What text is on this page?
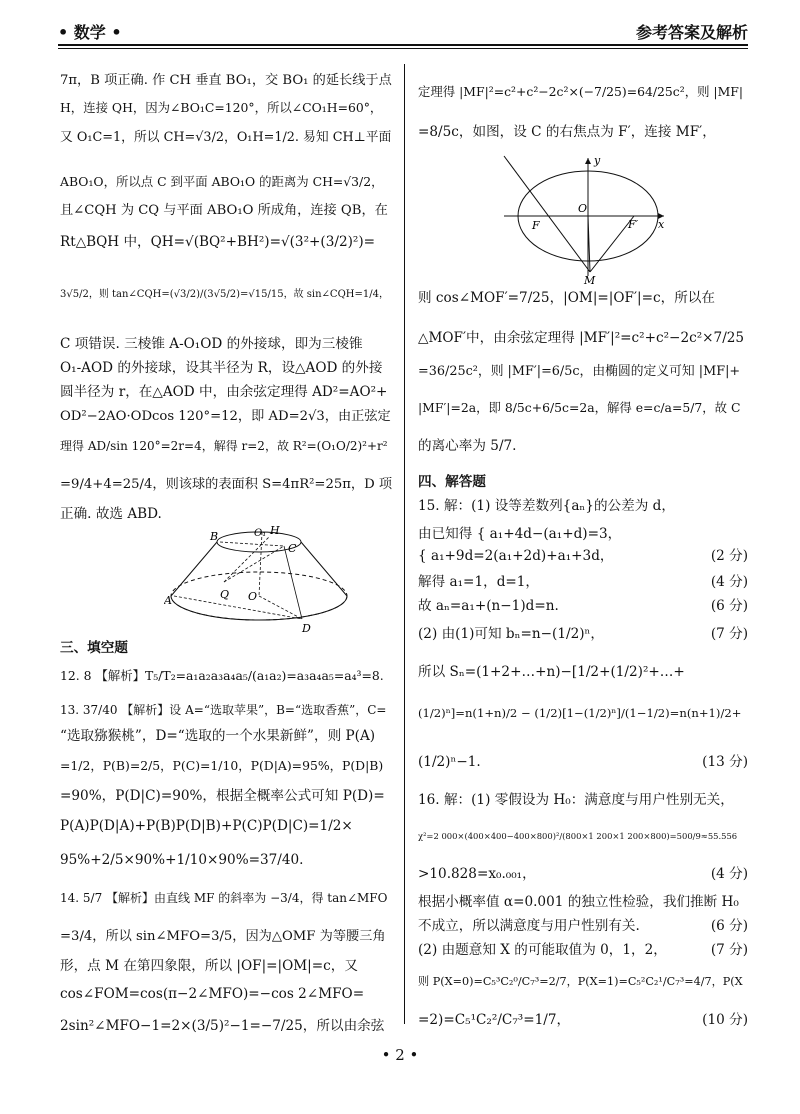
• 数学 •	参考答案及解析
7π，B 项正确. 作 CH 垂直 BO₁，交 BO₁ 的延长线于点
H，连接 QH，因为∠BO₁C=120°，所以∠CO₁H=60°，
又 O₁C=1，所以 CH=√3/2，O₁H=1/2. 易知 CH⊥平面
ABO₁O，所以点 C 到平面 ABO₁O 的距离为 CH=√3/2，
且∠CQH 为 CQ 与平面 ABO₁O 所成角，连接 QB，在
Rt△BQH 中，QH=√(BQ²+BH²)=√(3²+(3/2)²)=
3√5/2，则 tan∠CQH=(√3/2)/(3√5/2)=√15/15，故 sin∠CQH=1/4，
C 项错误. 三棱锥 A-O₁OD 的外接球，即为三棱锥
O₁-AOD 的外接球，设其半径为 R，设△AOD 的外接
圆半径为 r，在△AOD 中，由余弦定理得 AD²=AO²+
OD²−2AO·ODcos 120°=12，即 AD=2√3，由正弦定
理得 AD/sin 120°=2r=4，解得 r=2，故 R²=(O₁O/2)²+r²
=9/4+4=25/4，则该球的表面积 S=4πR²=25π，D 项
正确. 故选 ABD.
B	O₁ H
C
Q O
A
D
三、填空题
12. 8 【解析】T₅/T₂=a₁a₂a₃a₄a₅/(a₁a₂)=a₃a₄a₅=a₄³=8.
13. 37/40 【解析】设 A=“选取苹果”，B=“选取香蕉”，C=
“选取猕猴桃”，D=“选取的一个水果新鲜”，则 P(A)
=1/2，P(B)=2/5，P(C)=1/10，P(D|A)=95%，P(D|B)
=90%，P(D|C)=90%，根据全概率公式可知 P(D)=
P(A)P(D|A)+P(B)P(D|B)+P(C)P(D|C)=1/2×
95%+2/5×90%+1/10×90%=37/40.
14. 5/7 【解析】由直线 MF 的斜率为 −3/4，得 tan∠MFO
=3/4，所以 sin∠MFO=3/5，因为△OMF 为等腰三角
形，点 M 在第四象限，所以 |OF|=|OM|=c，又
cos∠FOM=cos(π−2∠MFO)=−cos 2∠MFO=
2sin²∠MFO−1=2×(3/5)²−1=−7/25，所以由余弦
定理得 |MF|²=c²+c²−2c²×(−7/25)=64/25c²，则 |MF|
=8/5c，如图，设 C 的右焦点为 F′，连接 MF′，
y
F
O
F′ x
M
则 cos∠MOF′=7/25，|OM|=|OF′|=c，所以在
△MOF′中，由余弦定理得 |MF′|²=c²+c²−2c²×7/25
=36/25c²，则 |MF′|=6/5c，由椭圆的定义可知 |MF|+
|MF′|=2a，即 8/5c+6/5c=2a，解得 e=c/a=5/7，故 C
的离心率为 5/7.
四、解答题
15. 解：(1) 设等差数列{aₙ}的公差为 d，
由已知得 { a₁+4d−(a₁+d)=3，
{ a₁+9d=2(a₁+2d)+a₁+3d，	(2 分)
解得 a₁=1，d=1，	(4 分)
故 aₙ=a₁+(n−1)d=n.	(6 分)
(2) 由(1)可知 bₙ=n−(1/2)ⁿ，	(7 分)
所以 Sₙ=(1+2+…+n)−[1/2+(1/2)²+…+
(1/2)ⁿ]=n(1+n)/2 − (1/2)[1−(1/2)ⁿ]/(1−1/2)=n(n+1)/2+
(1/2)ⁿ−1.	(13 分)
16. 解：(1) 零假设为 H₀：满意度与用户性别无关，
χ²=2 000×(400×400−400×800)²/(800×1 200×1 200×800)=500/9≈55.556
>10.828=x₀.₀₀₁，	(4 分)
根据小概率值 α=0.001 的独立性检验，我们推断 H₀
不成立，所以满意度与用户性别有关.	(6 分)
(2) 由题意知 X 的可能取值为 0，1，2，	(7 分)
则 P(X=0)=C₅³C₂⁰/C₇³=2/7，P(X=1)=C₅²C₂¹/C₇³=4/7，P(X
=2)=C₅¹C₂²/C₇³=1/7，	(10 分)
• 2 •
